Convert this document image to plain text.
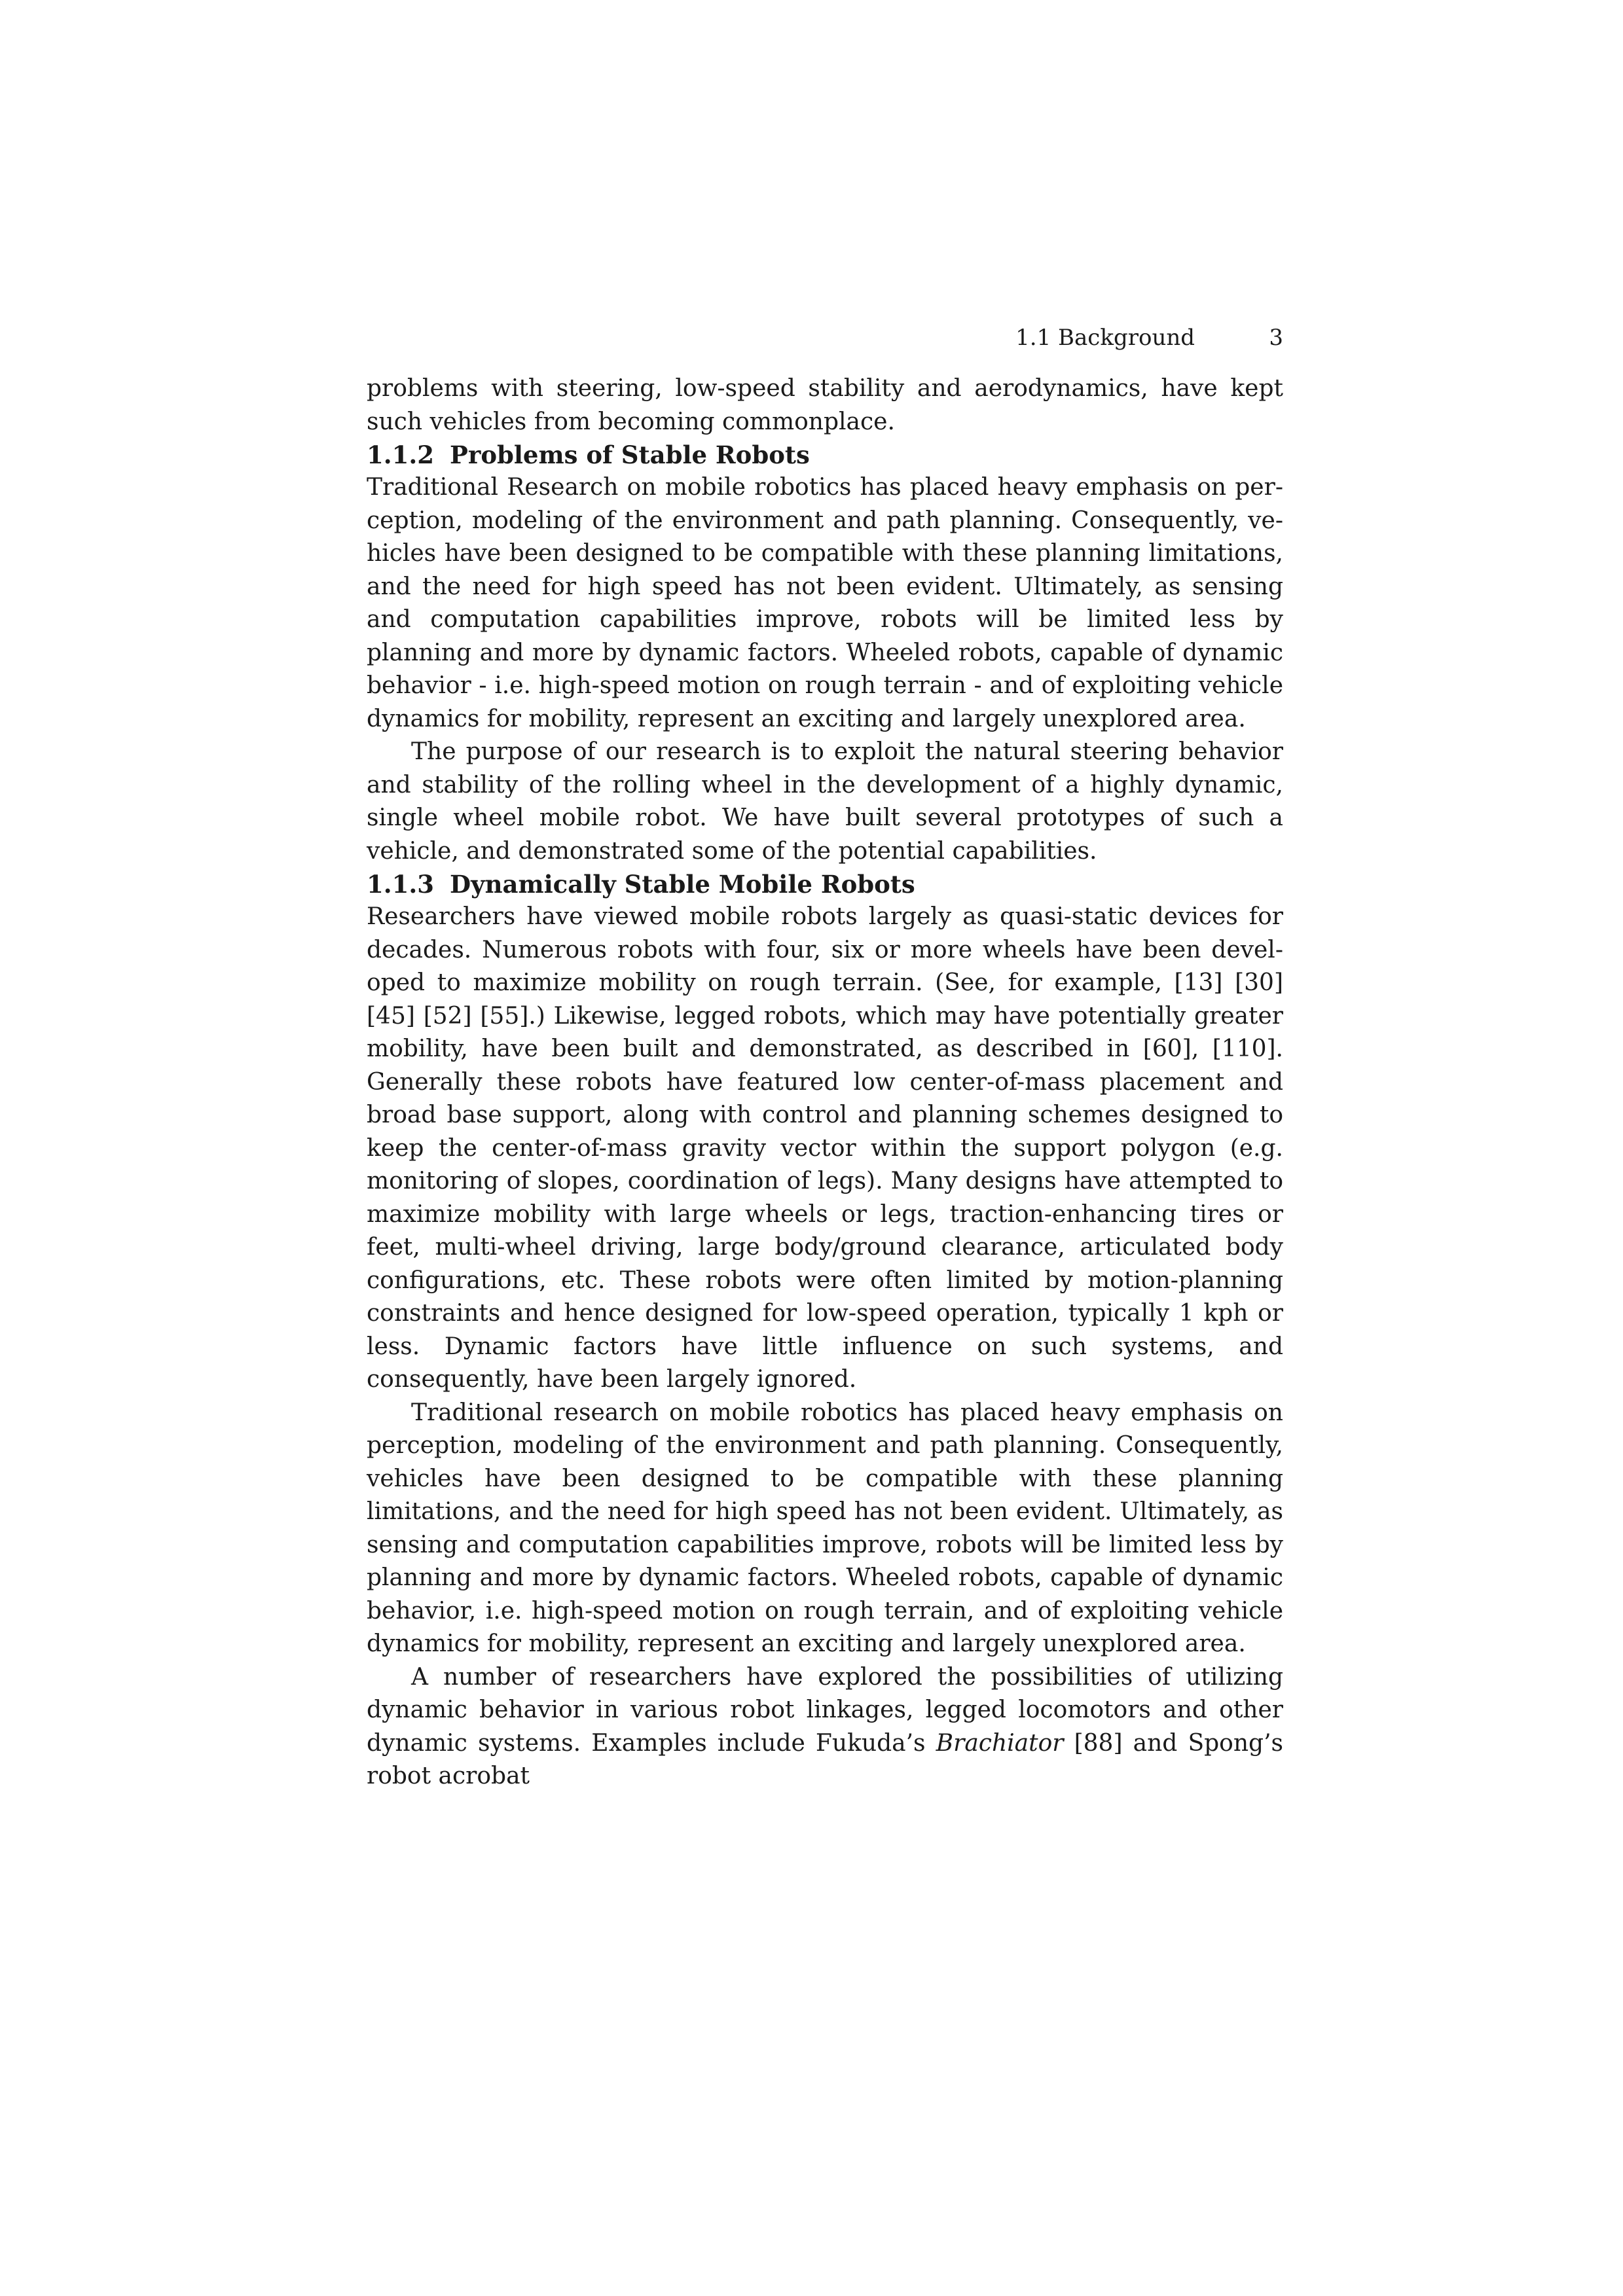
1.1 Background	3

problems with steering, low-speed stability and aerodynamics, have kept such vehicles from becoming commonplace.

1.1.2 Problems of Stable Robots

Traditional Research on mobile robotics has placed heavy emphasis on perception, modeling of the environment and path planning. Consequently, vehicles have been designed to be compatible with these planning limitations, and the need for high speed has not been evident. Ultimately, as sensing and computation capabilities improve, robots will be limited less by planning and more by dynamic factors. Wheeled robots, capable of dynamic behavior - i.e. high-speed motion on rough terrain - and of exploiting vehicle dynamics for mobility, represent an exciting and largely unexplored area.

The purpose of our research is to exploit the natural steering behavior and stability of the rolling wheel in the development of a highly dynamic, single wheel mobile robot. We have built several prototypes of such a vehicle, and demonstrated some of the potential capabilities.

1.1.3 Dynamically Stable Mobile Robots

Researchers have viewed mobile robots largely as quasi-static devices for decades. Numerous robots with four, six or more wheels have been developed to maximize mobility on rough terrain. (See, for example, [13] [30] [45] [52] [55].) Likewise, legged robots, which may have potentially greater mobility, have been built and demonstrated, as described in [60], [110]. Generally these robots have featured low center-of-mass placement and broad base support, along with control and planning schemes designed to keep the center-of-mass gravity vector within the support polygon (e.g. monitoring of slopes, coordination of legs). Many designs have attempted to maximize mobility with large wheels or legs, traction-enhancing tires or feet, multi-wheel driving, large body/ground clearance, articulated body configurations, etc. These robots were often limited by motion-planning constraints and hence designed for low-speed operation, typically 1 kph or less. Dynamic factors have little influence on such systems, and consequently, have been largely ignored.

Traditional research on mobile robotics has placed heavy emphasis on perception, modeling of the environment and path planning. Consequently, vehicles have been designed to be compatible with these planning limitations, and the need for high speed has not been evident. Ultimately, as sensing and computation capabilities improve, robots will be limited less by planning and more by dynamic factors. Wheeled robots, capable of dynamic behavior, i.e. high-speed motion on rough terrain, and of exploiting vehicle dynamics for mobility, represent an exciting and largely unexplored area.

A number of researchers have explored the possibilities of utilizing dynamic behavior in various robot linkages, legged locomotors and other dynamic systems. Examples include Fukuda’s Brachiator [88] and Spong’s robot acrobat
